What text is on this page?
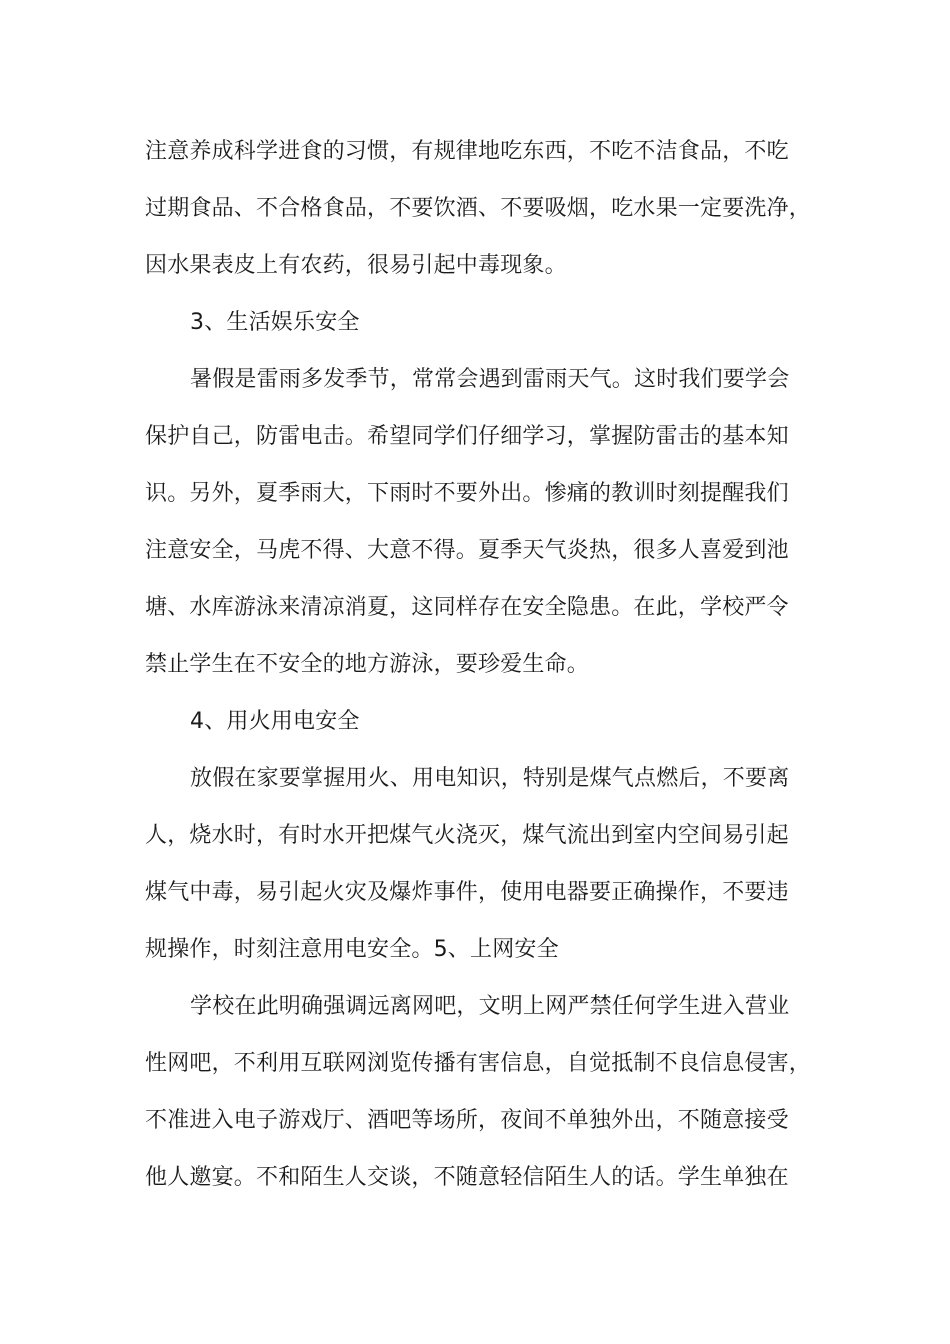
注意养成科学进食的习惯，有规律地吃东西，不吃不洁食品，不吃
过期食品、不合格食品，不要饮酒、不要吸烟，吃水果一定要洗净，
因水果表皮上有农药，很易引起中毒现象。
3、生活娱乐安全
暑假是雷雨多发季节，常常会遇到雷雨天气。这时我们要学会
保护自己，防雷电击。希望同学们仔细学习，掌握防雷击的基本知
识。另外，夏季雨大，下雨时不要外出。惨痛的教训时刻提醒我们
注意安全，马虎不得、大意不得。夏季天气炎热，很多人喜爱到池
塘、水库游泳来清凉消夏，这同样存在安全隐患。在此，学校严令
禁止学生在不安全的地方游泳，要珍爱生命。
4、用火用电安全
放假在家要掌握用火、用电知识，特别是煤气点燃后，不要离
人，烧水时，有时水开把煤气火浇灭，煤气流出到室内空间易引起
煤气中毒，易引起火灾及爆炸事件，使用电器要正确操作，不要违
规操作，时刻注意用电安全。5、上网安全
学校在此明确强调远离网吧，文明上网严禁任何学生进入营业
性网吧，不利用互联网浏览传播有害信息，自觉抵制不良信息侵害，
不准进入电子游戏厅、酒吧等场所，夜间不单独外出，不随意接受
他人邀宴。不和陌生人交谈，不随意轻信陌生人的话。学生单独在
